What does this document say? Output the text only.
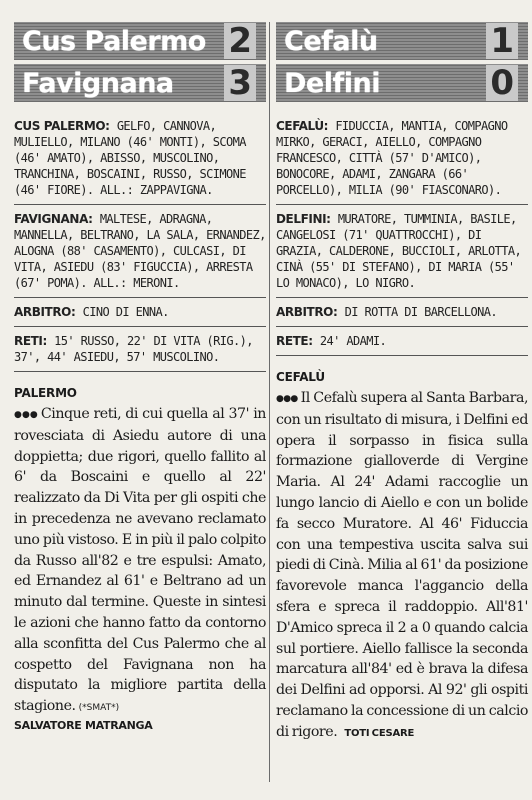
Cus Palermo 2
Favignana 3
CUS PALERMO: GELFO, CANNOVA, MULIELLO, MILANO (46' MONTI), SCOMA (46' AMATO), ABISSO, MUSCOLINO, TRANCHINA, BOSCAINI, RUSSO, SCIMONE (46' FIORE). ALL.: ZAPPAVIGNA.
FAVIGNANA: MALTESE, ADRAGNA, MANNELLA, BELTRANO, LA SALA, ERNANDEZ, ALOGNA (88' CASAMENTO), CULCASI, DI VITA, ASIEDU (83' FIGUCCIA), ARRESTA (67' POMA). ALL.: MERONI.
ARBITRO: CINO DI ENNA.
RETI: 15' RUSSO, 22' DI VITA (RIG.), 37', 44' ASIEDU, 57' MUSCOLINO.
PALERMO
●●● Cinque reti, di cui quella al 37' in rovesciata di Asiedu autore di una doppietta; due rigori, quello fallito al 6' da Boscaini e quello al 22' realizzato da Di Vita per gli ospiti che in precedenza ne avevano reclamato uno più vistoso. E in più il palo colpito da Russo all'82 e tre espulsi: Amato, ed Ernandez al 61' e Beltrano ad un minuto dal termine. Queste in sintesi le azioni che hanno fatto da contorno alla sconfitta del Cus Palermo che al cospetto del Favignana non ha disputato la migliore partita della stagione. (*SMAT*)
SALVATORE MATRANGA
Cefalù	1
Delfini	0
CEFALÙ: FIDUCCIA, MANTIA, COMPAGNO MIRKO, GERACI, AIELLO, COMPAGNO FRANCESCO, CITTÀ (57' D'AMICO), BONOCORE, ADAMI, ZANGARA (66' PORCELLO), MILIA (90' FIASCONARO).
DELFINI: MURATORE, TUMMINIA, BASILE, CANGELOSI (71' QUATTROCCHI), DI GRAZIA, CALDERONE, BUCCIOLI, ARLOTTA, CINÀ (55' DI STEFANO), DI MARIA (55' LO MONACO), LO NIGRO.
ARBITRO: DI ROTTA DI BARCELLONA.
RETE: 24' ADAMI.
CEFALÙ
●●● Il Cefalù supera al Santa Barbara, con un risultato di misura, i Delfini ed opera il sorpasso in fisica sulla formazione gialloverde di Vergine Maria. Al 24' Adami raccoglie un lungo lancio di Aiello e con un bolide fa secco Muratore. Al 46' Fiduccia con una tempestiva uscita salva sui piedi di Cinà. Milia al 61' da posizione favorevole manca l'aggancio della sfera e spreca il raddoppio. All'81' D'Amico spreca il 2 a 0 quando calcia sul portiere. Aiello fallisce la seconda marcatura all'84' ed è brava la difesa dei Delfini ad opporsi. Al 92' gli ospiti reclamano la concessione di un calcio di rigore. TOTI CESARE
